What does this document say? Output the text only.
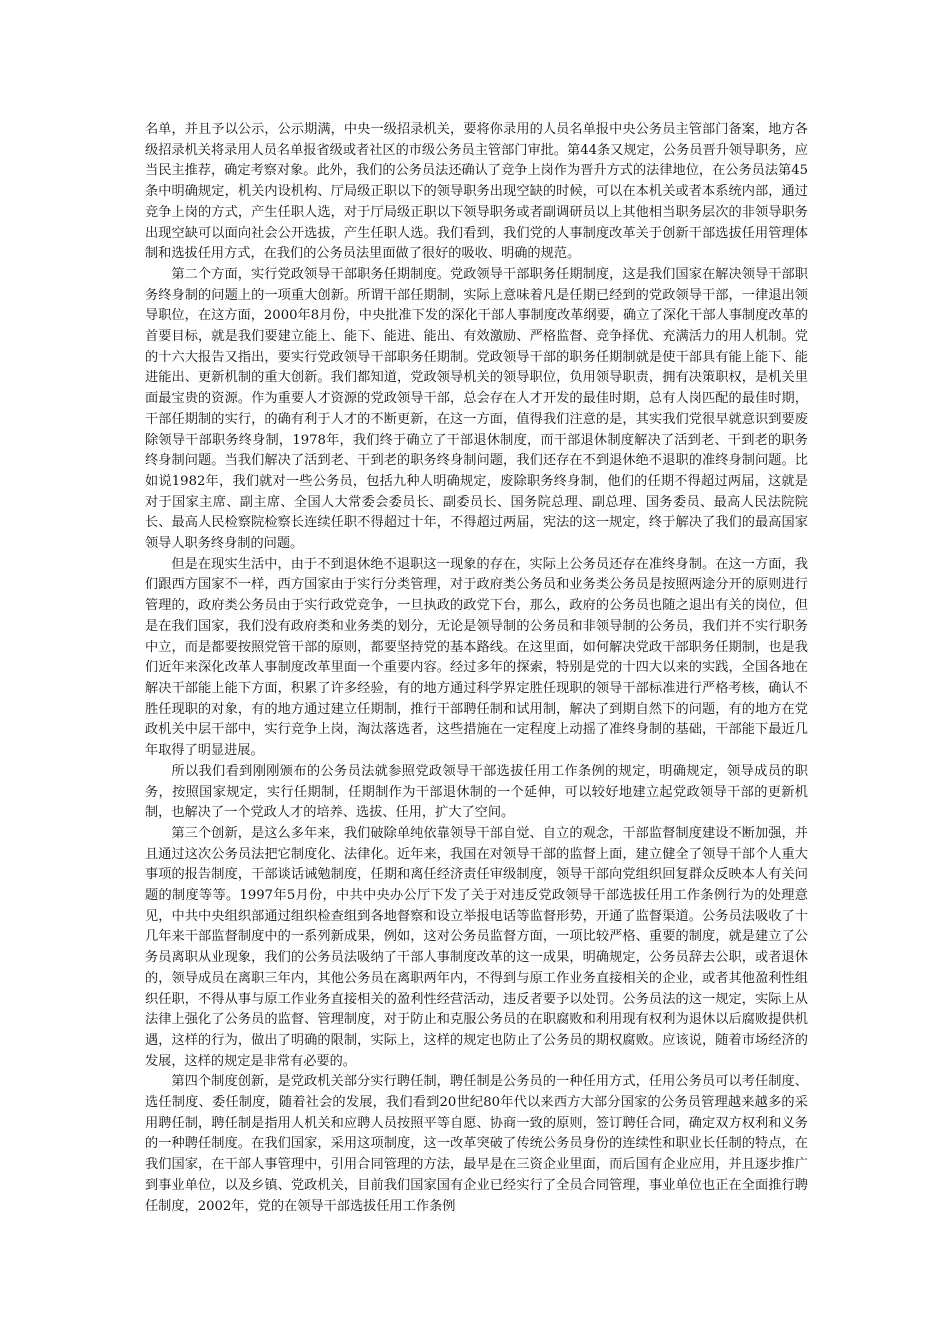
名单，并且予以公示，公示期满，中央一级招录机关，要将你录用的人员名单报中央公务员主管部门备案，地方各级招录机关将录用人员名单报省级或者社区的市级公务员主管部门审批。第44条又规定，公务员晋升领导职务，应当民主推荐，确定考察对象。此外，我们的公务员法还确认了竞争上岗作为晋升方式的法律地位，在公务员法第45条中明确规定，机关内设机构、厅局级正职以下的领导职务出现空缺的时候，可以在本机关或者本系统内部，通过竞争上岗的方式，产生任职人选，对于厅局级正职以下领导职务或者副调研员以上其他相当职务层次的非领导职务出现空缺可以面向社会公开选拔，产生任职人选。我们看到，我们党的人事制度改革关于创新干部选拔任用管理体制和选拔任用方式，在我们的公务员法里面做了很好的吸收、明确的规范。

第二个方面，实行党政领导干部职务任期制度。党政领导干部职务任期制度，这是我们国家在解决领导干部职务终身制的问题上的一项重大创新。所谓干部任期制，实际上意味着凡是任期已经到的党政领导干部，一律退出领导职位，在这方面，2000年8月份，中央批准下发的深化干部人事制度改革纲要，确立了深化干部人事制度改革的首要目标，就是我们要建立能上、能下、能进、能出、有效激励、严格监督、竞争择优、充满活力的用人机制。党的十六大报告又指出，要实行党政领导干部职务任期制。党政领导干部的职务任期制就是使干部具有能上能下、能进能出、更新机制的重大创新。我们都知道，党政领导机关的领导职位，负用领导职责，拥有决策职权，是机关里面最宝贵的资源。作为重要人才资源的党政领导干部，总会存在人才开发的最佳时期，总有人岗匹配的最佳时期，干部任期制的实行，的确有利于人才的不断更新，在这一方面，值得我们注意的是，其实我们党很早就意识到要废除领导干部职务终身制，1978年，我们终于确立了干部退休制度，而干部退休制度解决了活到老、干到老的职务终身制问题。当我们解决了活到老、干到老的职务终身制问题，我们还存在不到退休绝不退职的准终身制问题。比如说1982年，我们就对一些公务员，包括九种人明确规定，废除职务终身制，他们的任期不得超过两届，这就是对于国家主席、副主席、全国人大常委会委员长、副委员长、国务院总理、副总理、国务委员、最高人民法院院长、最高人民检察院检察长连续任职不得超过十年，不得超过两届，宪法的这一规定，终于解决了我们的最高国家领导人职务终身制的问题。

但是在现实生活中，由于不到退休绝不退职这一现象的存在，实际上公务员还存在准终身制。在这一方面，我们跟西方国家不一样，西方国家由于实行分类管理，对于政府类公务员和业务类公务员是按照两途分开的原则进行管理的，政府类公务员由于实行政党竞争，一旦执政的政党下台，那么，政府的公务员也随之退出有关的岗位，但是在我们国家，我们没有政府类和业务类的划分，无论是领导制的公务员和非领导制的公务员，我们并不实行职务中立，而是都要按照党管干部的原则，都要坚持党的基本路线。在这里面，如何解决党政干部职务任期制，也是我们近年来深化改革人事制度改革里面一个重要内容。经过多年的探索，特别是党的十四大以来的实践，全国各地在解决干部能上能下方面，积累了许多经验，有的地方通过科学界定胜任现职的领导干部标准进行严格考核，确认不胜任现职的对象，有的地方通过建立任期制，推行干部聘任制和试用制，解决了到期自然下的问题，有的地方在党政机关中层干部中，实行竞争上岗，淘汰落选者，这些措施在一定程度上动摇了准终身制的基础，干部能下最近几年取得了明显进展。

所以我们看到刚刚颁布的公务员法就参照党政领导干部选拔任用工作条例的规定，明确规定，领导成员的职务，按照国家规定，实行任期制，任期制作为干部退休制的一个延伸，可以较好地建立起党政领导干部的更新机制，也解决了一个党政人才的培养、选拔、任用，扩大了空间。

第三个创新，是这么多年来，我们破除单纯依靠领导干部自觉、自立的观念，干部监督制度建设不断加强，并且通过这次公务员法把它制度化、法律化。近年来，我国在对领导干部的监督上面，建立健全了领导干部个人重大事项的报告制度，干部谈话诫勉制度，任期和离任经济责任审级制度，领导干部向党组织回复群众反映本人有关问题的制度等等。1997年5月份，中共中央办公厅下发了关于对违反党政领导干部选拔任用工作条例行为的处理意见，中共中央组织部通过组织检查组到各地督察和设立举报电话等监督形势，开通了监督渠道。公务员法吸收了十几年来干部监督制度中的一系列新成果，例如，这对公务员监督方面，一项比较严格、重要的制度，就是建立了公务员离职从业现象，我们的公务员法吸纳了干部人事制度改革的这一成果，明确规定，公务员辞去公职，或者退休的，领导成员在离职三年内，其他公务员在离职两年内，不得到与原工作业务直接相关的企业，或者其他盈利性组织任职，不得从事与原工作业务直接相关的盈利性经营活动，违反者要予以处罚。公务员法的这一规定，实际上从法律上强化了公务员的监督、管理制度，对于防止和克服公务员的在职腐败和利用现有权利为退休以后腐败提供机遇，这样的行为，做出了明确的限制，实际上，这样的规定也防止了公务员的期权腐败。应该说，随着市场经济的发展，这样的规定是非常有必要的。

第四个制度创新，是党政机关部分实行聘任制，聘任制是公务员的一种任用方式，任用公务员可以考任制度、选任制度、委任制度，随着社会的发展，我们看到20世纪80年代以来西方大部分国家的公务员管理越来越多的采用聘任制，聘任制是指用人机关和应聘人员按照平等自愿、协商一致的原则，签订聘任合同，确定双方权利和义务的一种聘任制度。在我们国家，采用这项制度，这一改革突破了传统公务员身份的连续性和职业长任制的特点，在我们国家，在干部人事管理中，引用合同管理的方法，最早是在三资企业里面，而后国有企业应用，并且逐步推广到事业单位，以及乡镇、党政机关，目前我们国家国有企业已经实行了全员合同管理，事业单位也正在全面推行聘任制度，2002年，党的在领导干部选拔任用工作条例
